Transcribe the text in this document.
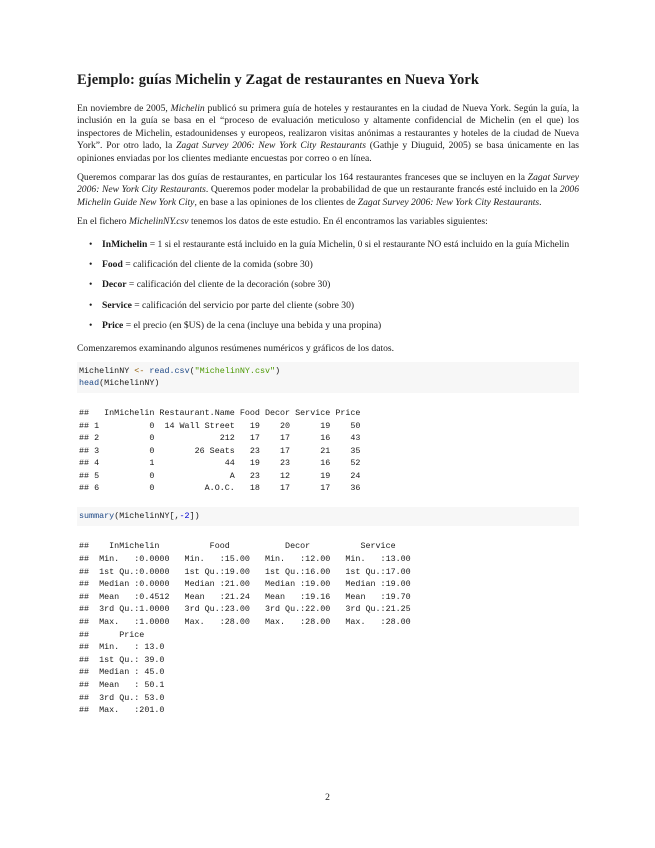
Ejemplo: guías Michelin y Zagat de restaurantes en Nueva York

En noviembre de 2005, Michelin publicó su primera guía de hoteles y restaurantes en la ciudad de Nueva York. Según la guía, la inclusión en la guía se basa en el “proceso de evaluación meticuloso y altamente confidencial de Michelin (en el que) los inspectores de Michelin, estadounidenses y europeos, realizaron visitas anónimas a restaurantes y hoteles de la ciudad de Nueva York”. Por otro lado, la Zagat Survey 2006: New York City Restaurants (Gathje y Diuguid, 2005) se basa únicamente en las opiniones enviadas por los clientes mediante encuestas por correo o en línea.

Queremos comparar las dos guías de restaurantes, en particular los 164 restaurantes franceses que se incluyen en la Zagat Survey 2006: New York City Restaurants. Queremos poder modelar la probabilidad de que un restaurante francés esté incluido en la 2006 Michelin Guide New York City, en base a las opiniones de los clientes de Zagat Survey 2006: New York City Restaurants.

En el fichero MichelinNY.csv tenemos los datos de este estudio. En él encontramos las variables siguientes:

• InMichelin = 1 si el restaurante está incluido en la guía Michelin, 0 si el restaurante NO está incluido en la guía Michelin
• Food = calificación del cliente de la comida (sobre 30)
• Decor = calificación del cliente de la decoración (sobre 30)
• Service = calificación del servicio por parte del cliente (sobre 30)
• Price = el precio (en $US) de la cena (incluye una bebida y una propina)

Comenzaremos examinando algunos resúmenes numéricos y gráficos de los datos.

MichelinNY <- read.csv("MichelinNY.csv")
head(MichelinNY)
##   InMichelin Restaurant.Name Food Decor Service Price
## 1          0  14 Wall Street   19    20      19    50
## 2          0             212   17    17      16    43
## 3          0        26 Seats   23    17      21    35
## 4          1              44   19    23      16    52
## 5          0               A   23    12      19    24
## 6          0          A.O.C.   18    17      17    36
summary(MichelinNY[,-2])
##    InMichelin          Food           Decor          Service
##  Min.   :0.0000   Min.   :15.00   Min.   :12.00   Min.   :13.00
##  1st Qu.:0.0000   1st Qu.:19.00   1st Qu.:16.00   1st Qu.:17.00
##  Median :0.0000   Median :21.00   Median :19.00   Median :19.00
##  Mean   :0.4512   Mean   :21.24   Mean   :19.16   Mean   :19.70
##  3rd Qu.:1.0000   3rd Qu.:23.00   3rd Qu.:22.00   3rd Qu.:21.25
##  Max.   :1.0000   Max.   :28.00   Max.   :28.00   Max.   :28.00
##      Price
##  Min.   : 13.0
##  1st Qu.: 39.0
##  Median : 45.0
##  Mean   : 50.1
##  3rd Qu.: 53.0
##  Max.   :201.0
2
